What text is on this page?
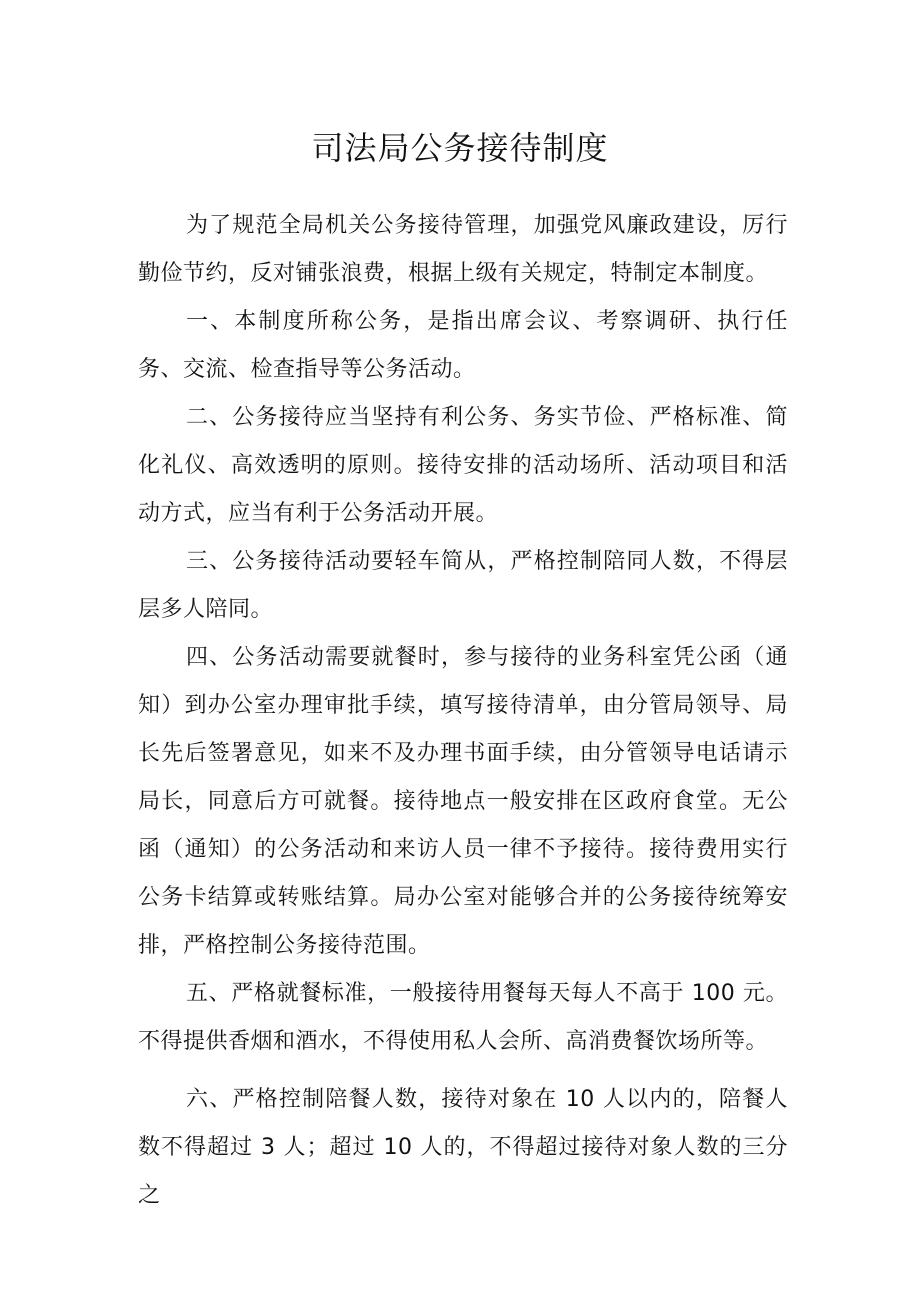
司法局公务接待制度

为了规范全局机关公务接待管理，加强党风廉政建设，厉行勤俭节约，反对铺张浪费，根据上级有关规定，特制定本制度。

一、本制度所称公务，是指出席会议、考察调研、执行任务、交流、检查指导等公务活动。

二、公务接待应当坚持有利公务、务实节俭、严格标准、简化礼仪、高效透明的原则。接待安排的活动场所、活动项目和活动方式，应当有利于公务活动开展。

三、公务接待活动要轻车简从，严格控制陪同人数，不得层层多人陪同。

四、公务活动需要就餐时，参与接待的业务科室凭公函（通知）到办公室办理审批手续，填写接待清单，由分管局领导、局长先后签署意见，如来不及办理书面手续，由分管领导电话请示局长，同意后方可就餐。接待地点一般安排在区政府食堂。无公函（通知）的公务活动和来访人员一律不予接待。接待费用实行公务卡结算或转账结算。局办公室对能够合并的公务接待统筹安排，严格控制公务接待范围。

五、严格就餐标准，一般接待用餐每天每人不高于 100 元。不得提供香烟和酒水，不得使用私人会所、高消费餐饮场所等。

六、严格控制陪餐人数，接待对象在 10 人以内的，陪餐人数不得超过 3 人；超过 10 人的，不得超过接待对象人数的三分之
